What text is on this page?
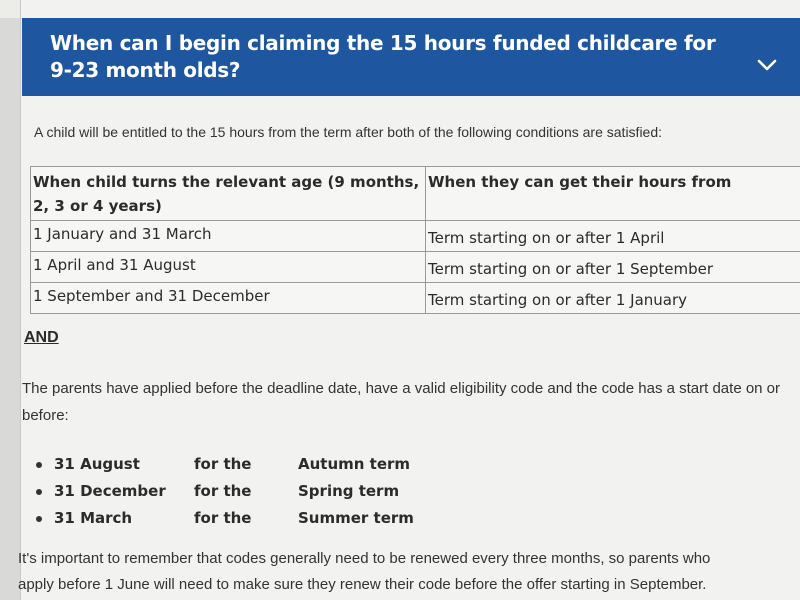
When can I begin claiming the 15 hours funded childcare for 9-23 month olds?

A child will be entitled to the 15 hours from the term after both of the following conditions are satisfied:

When child turns the relevant age (9 months, 2, 3 or 4 years)	When they can get their hours from
1 January and 31 March	Term starting on or after 1 April
1 April and 31 August	Term starting on or after 1 September
1 September and 31 December	Term starting on or after 1 January
AND

The parents have applied before the deadline date, have a valid eligibility code and the code has a start date on or before:

31 August	for the	Autumn term
31 December	for the	Spring term
31 March	for the	Summer term

It's important to remember that codes generally need to be renewed every three months, so parents who

apply before 1 June will need to make sure they renew their code before the offer starting in September.
